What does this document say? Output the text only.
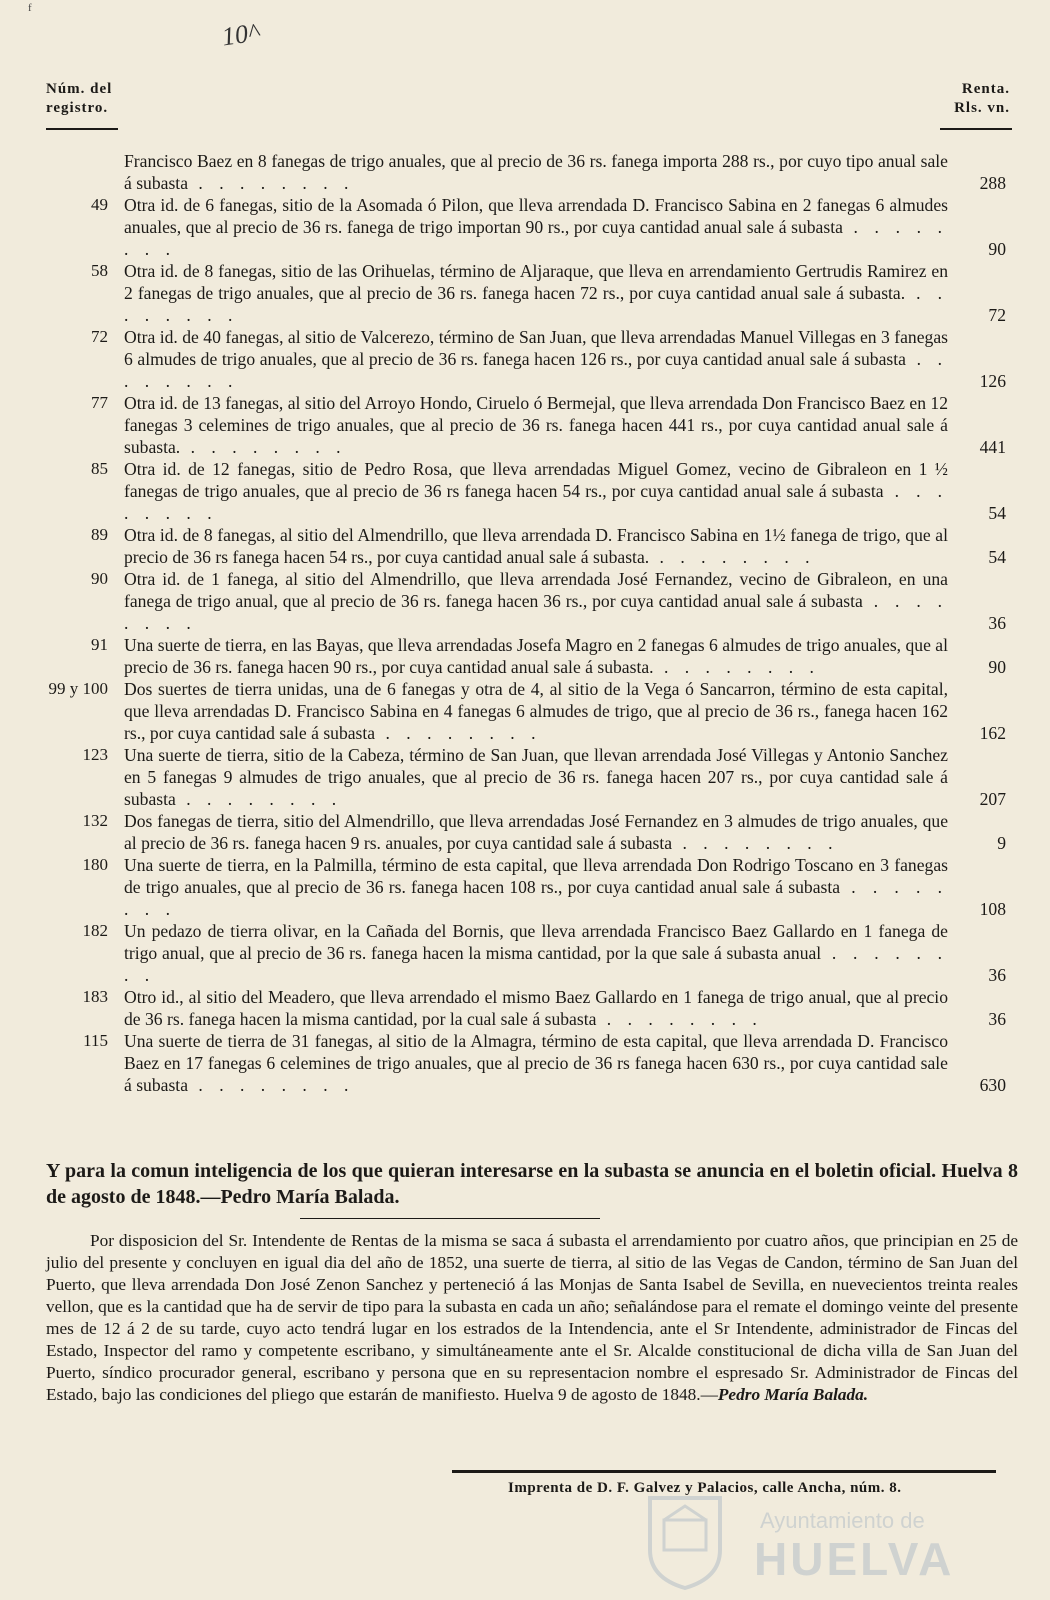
ᶠ
10^
Núm. del
registro.
Renta.
Rls. vn.
Francisco Baez en 8 fanegas de trigo anuales, que al precio de 36 rs. fanega importa 288 rs., por cuyo tipo anual sale á subasta . . . . . . . .	288
49 Otra id. de 6 fanegas, sitio de la Asomada ó Pilon, que lleva arrendada D. Francisco Sabina en 2 fanegas 6 almudes anuales, que al precio de 36 rs. fanega de trigo importan 90 rs., por cuya cantidad anual sale á subasta . . . . . . . .	90
58 Otra id. de 8 fanegas, sitio de las Orihuelas, término de Aljaraque, que lleva en arrendamiento Gertrudis Ramirez en 2 fanegas de trigo anuales, que al precio de 36 rs. fanega hacen 72 rs., por cuya cantidad anual sale á subasta. . . . . . . . .	72
72 Otra id. de 40 fanegas, al sitio de Valcerezo, término de San Juan, que lleva arrendadas Manuel Villegas en 3 fanegas 6 almudes de trigo anuales, que al precio de 36 rs. fanega hacen 126 rs., por cuya cantidad anual sale á subasta . . . . . . . .	126
77 Otra id. de 13 fanegas, al sitio del Arroyo Hondo, Ciruelo ó Bermejal, que lleva arrendada Don Francisco Baez en 12 fanegas 3 celemines de trigo anuales, que al precio de 36 rs. fanega hacen 441 rs., por cuya cantidad anual sale á subasta. . . . . . . . .	441
85 Otra id. de 12 fanegas, sitio de Pedro Rosa, que lleva arrendadas Miguel Gomez, vecino de Gibraleon en 1 ½ fanegas de trigo anuales, que al precio de 36 rs fanega hacen 54 rs., por cuya cantidad anual sale á subasta . . . . . . . .	54
89 Otra id. de 8 fanegas, al sitio del Almendrillo, que lleva arrendada D. Francisco Sabina en 1½ fanega de trigo, que al precio de 36 rs fanega hacen 54 rs., por cuya cantidad anual sale á subasta. . . . . . . . .	54
90 Otra id. de 1 fanega, al sitio del Almendrillo, que lleva arrendada José Fernandez, vecino de Gibraleon, en una fanega de trigo anual, que al precio de 36 rs. fanega hacen 36 rs., por cuya cantidad anual sale á subasta . . . . . . . .	36
91 Una suerte de tierra, en las Bayas, que lleva arrendadas Josefa Magro en 2 fanegas 6 almudes de trigo anuales, que al precio de 36 rs. fanega hacen 90 rs., por cuya cantidad anual sale á subasta. . . . . . . . .	90
99 y 100 Dos suertes de tierra unidas, una de 6 fanegas y otra de 4, al sitio de la Vega ó Sancarron, término de esta capital, que lleva arrendadas D. Francisco Sabina en 4 fanegas 6 almudes de trigo, que al precio de 36 rs., fanega hacen 162 rs., por cuya cantidad sale á subasta . . . . . . . .	162
123 Una suerte de tierra, sitio de la Cabeza, término de San Juan, que llevan arrendada José Villegas y Antonio Sanchez en 5 fanegas 9 almudes de trigo anuales, que al precio de 36 rs. fanega hacen 207 rs., por cuya cantidad sale á subasta . . . . . . . .	207
132 Dos fanegas de tierra, sitio del Almendrillo, que lleva arrendadas José Fernandez en 3 almudes de trigo anuales, que al precio de 36 rs. fanega hacen 9 rs. anuales, por cuya cantidad sale á subasta . . . . . . . .	9
180 Una suerte de tierra, en la Palmilla, término de esta capital, que lleva arrendada Don Rodrigo Toscano en 3 fanegas de trigo anuales, que al precio de 36 rs. fanega hacen 108 rs., por cuya cantidad anual sale á subasta . . . . . . . .	108
182 Un pedazo de tierra olivar, en la Cañada del Bornis, que lleva arrendada Francisco Baez Gallardo en 1 fanega de trigo anual, que al precio de 36 rs. fanega hacen la misma cantidad, por la que sale á subasta anual . . . . . . . .	36
183 Otro id., al sitio del Meadero, que lleva arrendado el mismo Baez Gallardo en 1 fanega de trigo anual, que al precio de 36 rs. fanega hacen la misma cantidad, por la cual sale á subasta . . . . . . . .	36
115 Una suerte de tierra de 31 fanegas, al sitio de la Almagra, término de esta capital, que lleva arrendada D. Francisco Baez en 17 fanegas 6 celemines de trigo anuales, que al precio de 36 rs fanega hacen 630 rs., por cuya cantidad sale á subasta . . . . . . . .	630
Y para la comun inteligencia de los que quieran interesarse en la subasta se anuncia en el boletin oficial. Huelva 8 de agosto de 1848.—Pedro María Balada.
Por disposicion del Sr. Intendente de Rentas de la misma se saca á subasta el arrendamiento por cuatro años, que principian en 25 de julio del presente y concluyen en igual dia del año de 1852, una suerte de tierra, al sitio de las Vegas de Candon, término de San Juan del Puerto, que lleva arrendada Don José Zenon Sanchez y perteneció á las Monjas de Santa Isabel de Sevilla, en nuevecientos treinta reales vellon, que es la cantidad que ha de servir de tipo para la subasta en cada un año; señalándose para el remate el domingo veinte del presente mes de 12 á 2 de su tarde, cuyo acto tendrá lugar en los estrados de la Intendencia, ante el Sr Intendente, administrador de Fincas del Estado, Inspector del ramo y competente escribano, y simultáneamente ante el Sr. Alcalde constitucional de dicha villa de San Juan del Puerto, síndico procurador general, escribano y persona que en su representacion nombre el espresado Sr. Administrador de Fincas del Estado, bajo las condiciones del pliego que estarán de manifiesto. Huelva 9 de agosto de 1848.—Pedro María Balada.
Imprenta de D. F. Galvez y Palacios, calle Ancha, núm. 8.
Ayuntamiento de
HUELVA
